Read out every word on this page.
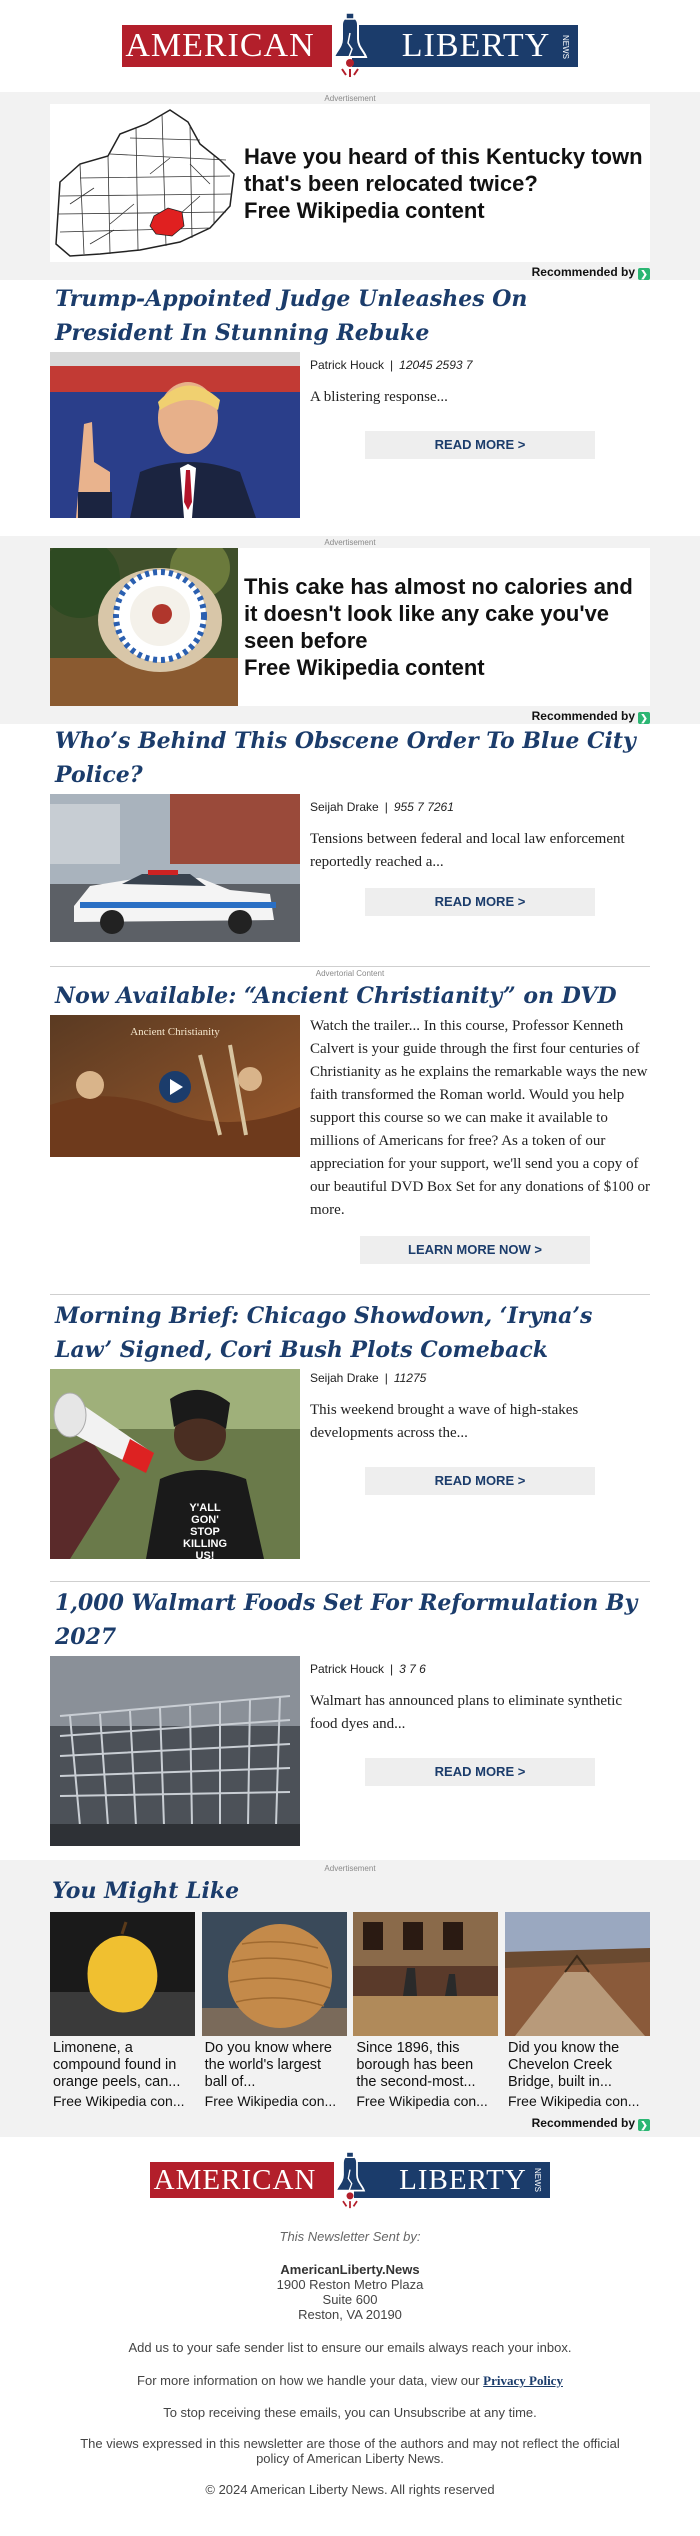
AMERICAN	LIBERTY NEWS
Advertisement
Have you heard of this Kentucky town that's been relocated twice?
Free Wikipedia content
Recommended by ❯
Trump-Appointed Judge Unleashes On President In Stunning Rebuke
Patrick Houck | 12045 2593 7
A blistering response...
READ MORE >
Advertisement
This cake has almost no calories and it doesn't look like any cake you've seen before
Free Wikipedia content
Recommended by ❯
Who’s Behind This Obscene Order To Blue City Police?
Seijah Drake | 955 7 7261
Tensions between federal and local law enforcement reportedly reached a...
READ MORE >
Advertorial Content
Now Available: “Ancient Christianity” on DVD
Watch the trailer... In this course, Professor Kenneth Calvert is your guide through the first four centuries of Christianity as he explains the remarkable ways the new faith transformed the Roman world. Would you help support this course so we can make it available to millions of Americans for free? As a token of our appreciation for your support, we'll send you a copy of our beautiful DVD Box Set for any donations of $100 or more.
LEARN MORE NOW >
Morning Brief: Chicago Showdown, ‘Iryna’s Law’ Signed, Cori Bush Plots Comeback
Y'ALL GON' STOP KILLING US!
Seijah Drake | 11275
This weekend brought a wave of high-stakes developments across the...
READ MORE >
1,000 Walmart Foods Set For Reformulation By 2027
Patrick Houck | 3 7 6
Walmart has announced plans to eliminate synthetic food dyes and...
READ MORE >
Advertisement
You Might Like
Limonene, a compound found in orange peels, can...
Free Wikipedia con...
Do you know where the world's largest ball of...
Free Wikipedia con...
Since 1896, this borough has been the second-most...
Free Wikipedia con...
Did you know the Chevelon Creek Bridge, built in...
Free Wikipedia con...
Recommended by ❯
AMERICAN	LIBERTY NEWS

This Newsletter Sent by:

AmericanLiberty.News

1900 Reston Metro Plaza

Suite 600

Reston, VA 20190

Add us to your safe sender list to ensure our emails always reach your inbox.

For more information on how we handle your data, view our Privacy Policy

To stop receiving these emails, you can Unsubscribe at any time.

The views expressed in this newsletter are those of the authors and may not reflect the official policy of American Liberty News.

© 2024 American Liberty News. All rights reserved
